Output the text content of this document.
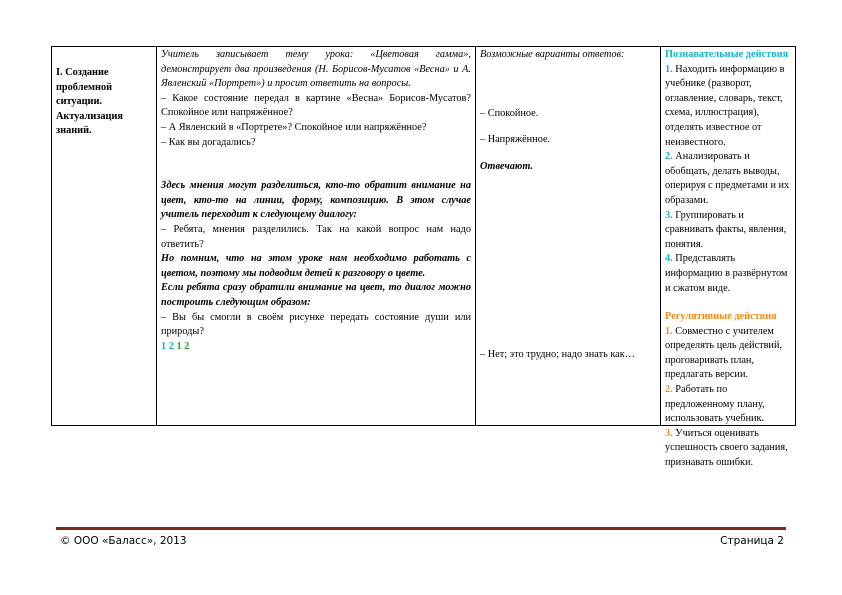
I. Создание проблемной ситуации. Актуализация знаний.

Учитель записывает тему урока: «Цветовая гамма», демонстрирует два произведения (Н. Борисов-Мусатов «Весна» и А. Явленский «Портрет») и просит ответить на вопросы.

– Какое состояние передал в картине «Весна» Борисов-Мусатов? Спокойное или напряжённое?

– А Явленский в «Портрете»? Спокойное или напряжённое?

– Как вы догадались?

Здесь мнения могут разделиться, кто-то обратит внимание на цвет, кто-то на линии, форму, композицию. В этом случае учитель переходит к следующему диалогу:

– Ребята, мнения разделились. Так на какой вопрос нам надо ответить?

Но помним, что на этом уроке нам необходимо работать с цветом, поэтому мы подводим детей к разговору о цвете.

Если ребята сразу обратили внимание на цвет, то диалог можно построить следующим образом:

– Вы бы смогли в своём рисунке передать состояние души или природы?

1 2 1 2

Возможные варианты ответов:

– Спокойное.

– Напряжённое.

Отвечают.

– Нет; это трудно; надо знать как…

Познавательные действия

1. Находить информацию в учебнике (разворот, оглавление, словарь, текст, схема, иллюстрация), отделять известное от неизвестного.

2. Анализировать и обобщать, делать выводы, оперируя с предметами и их образами.

3. Группировать и сравнивать факты, явления, понятия.

4. Представлять информацию в развёрнутом и сжатом виде.

Регулятивные действия

1. Совместно с учителем определять цель действий, проговаривать план, предлагать версии.

2. Работать по предложенному плану, использовать учебник.

3. Учиться оценивать успешность своего задания, признавать ошибки.

© ООО «Баласс», 2013	Страница 2
